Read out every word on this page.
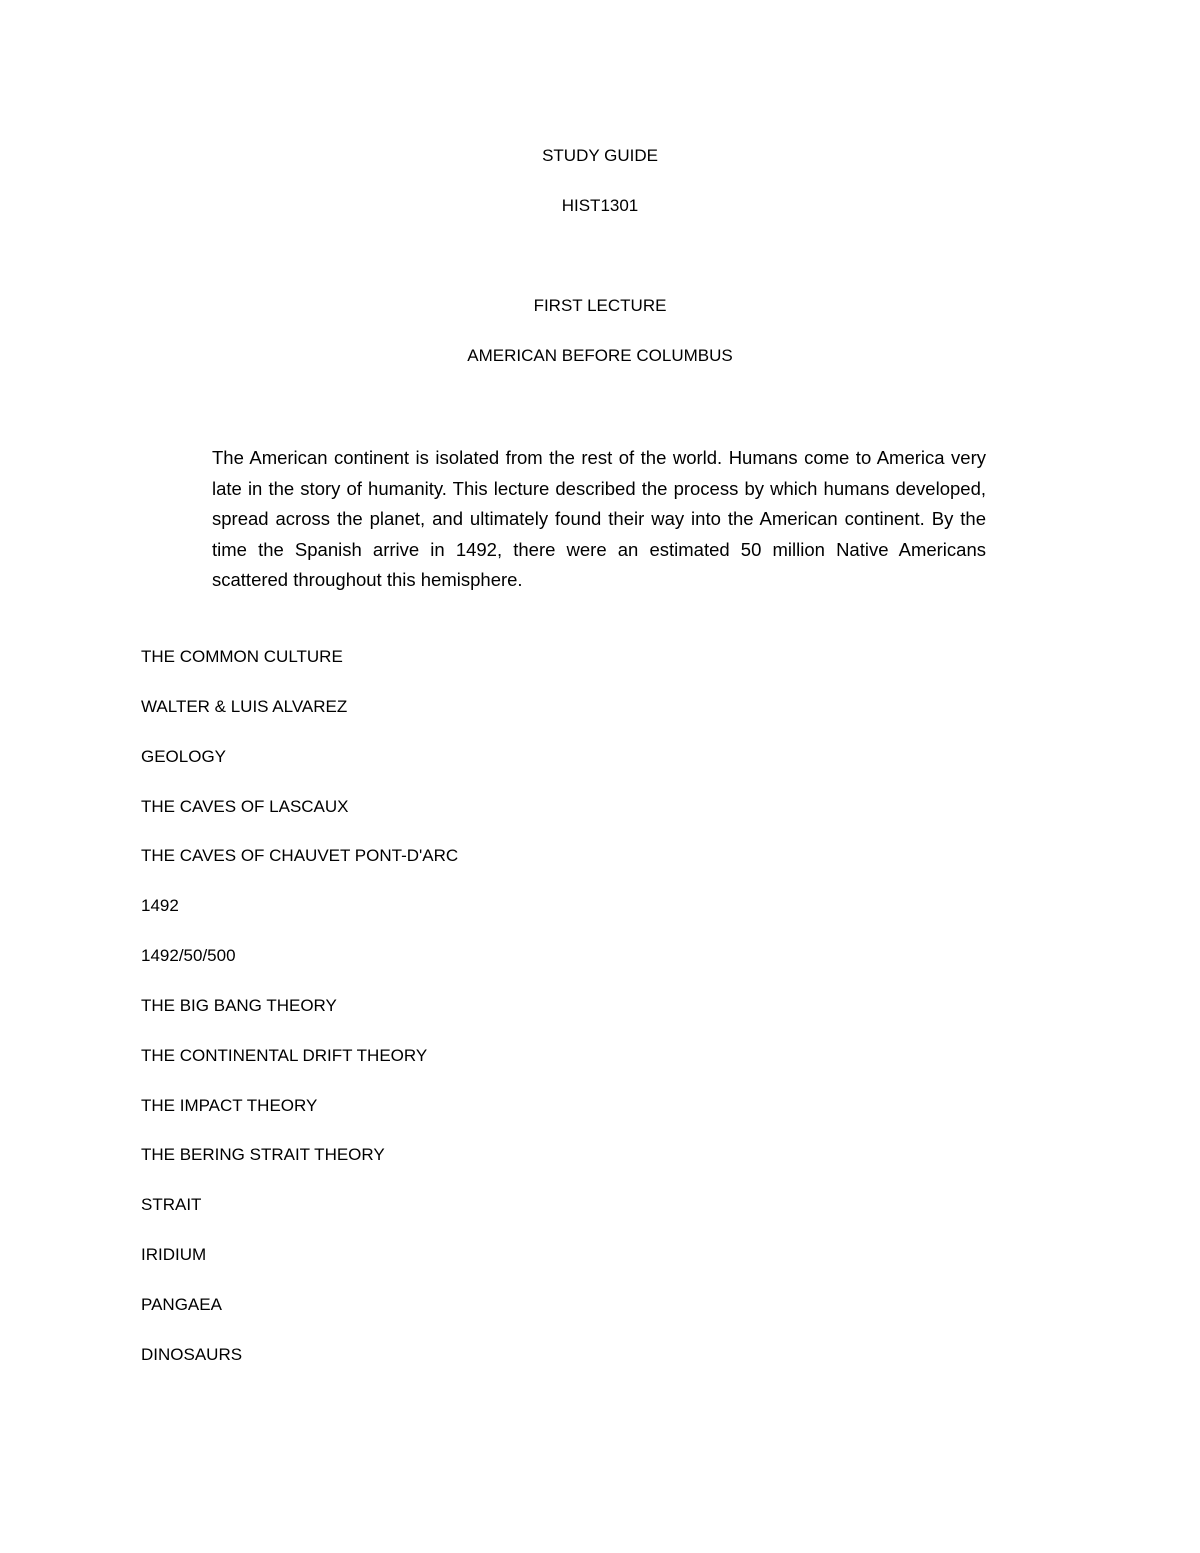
STUDY GUIDE
HIST1301
FIRST LECTURE
AMERICAN BEFORE COLUMBUS

The American continent is isolated from the rest of the world. Humans come to America very late in the story of humanity. This lecture described the process by which humans developed, spread across the planet, and ultimately found their way into the American continent. By the time the Spanish arrive in 1492, there were an estimated 50 million Native Americans scattered throughout this hemisphere.

THE COMMON CULTURE
WALTER & LUIS ALVAREZ
GEOLOGY
THE CAVES OF LASCAUX
THE CAVES OF CHAUVET PONT-D'ARC
1492
1492/50/500
THE BIG BANG THEORY
THE CONTINENTAL DRIFT THEORY
THE IMPACT THEORY
THE BERING STRAIT THEORY
STRAIT
IRIDIUM
PANGAEA
DINOSAURS
